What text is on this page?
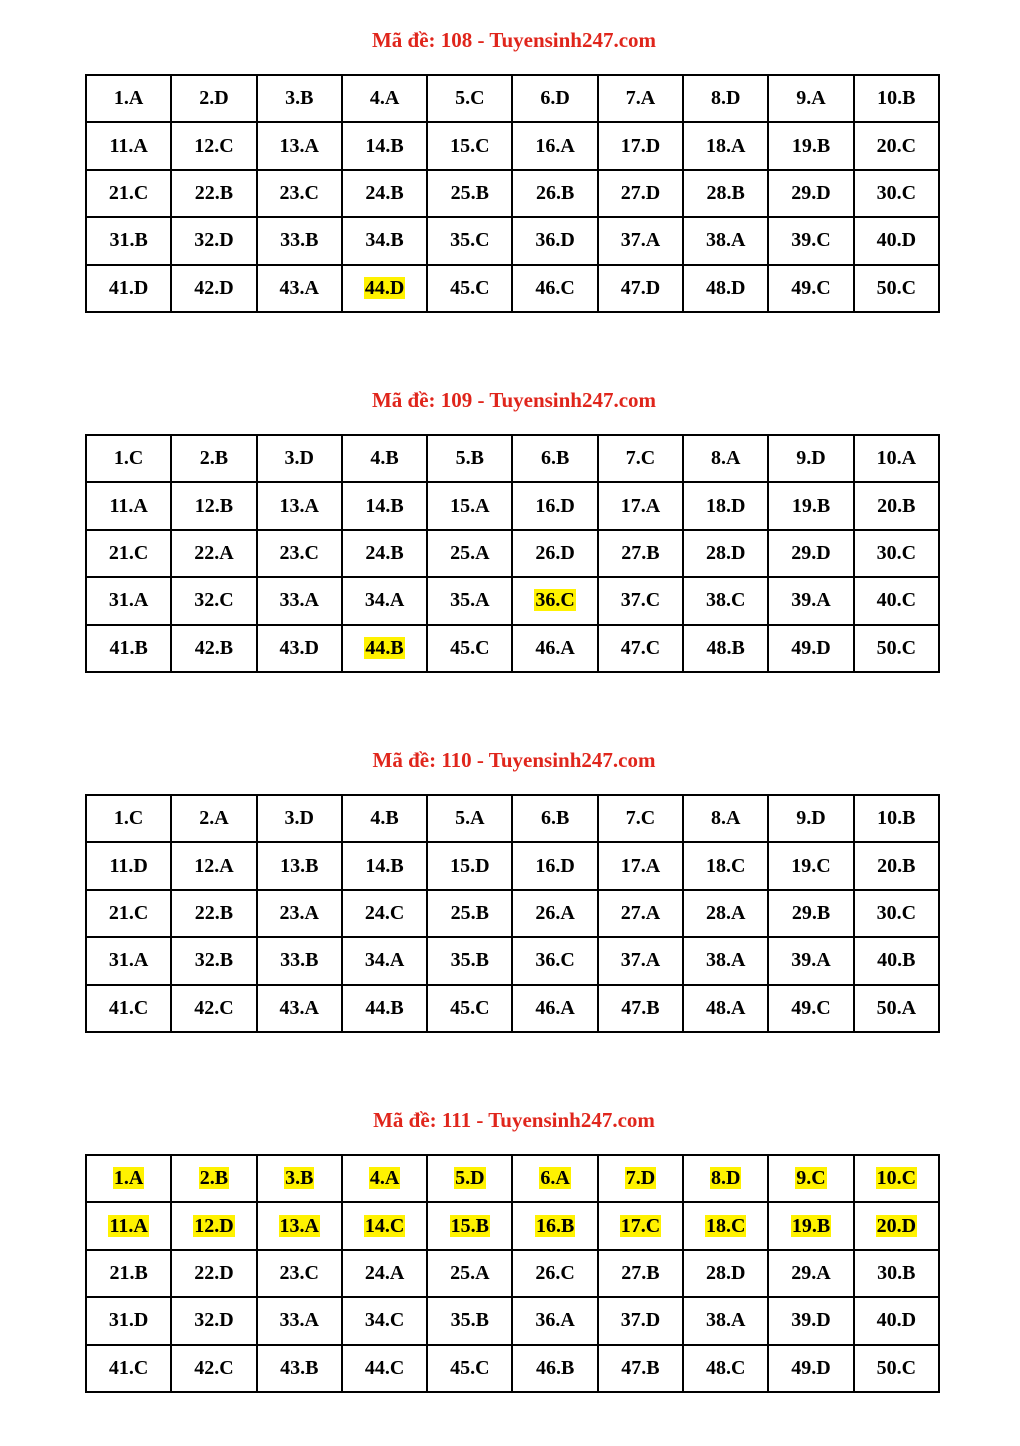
Mã đề: 108 - Tuyensinh247.com
1.A	2.D	3.B	4.A	5.C	6.D	7.A	8.D	9.A	10.B
11.A	12.C	13.A	14.B	15.C	16.A	17.D	18.A	19.B	20.C
21.C	22.B	23.C	24.B	25.B	26.B	27.D	28.B	29.D	30.C
31.B	32.D	33.B	34.B	35.C	36.D	37.A	38.A	39.C	40.D
41.D	42.D	43.A	44.D	45.C	46.C	47.D	48.D	49.C	50.C
Mã đề: 109 - Tuyensinh247.com
1.C	2.B	3.D	4.B	5.B	6.B	7.C	8.A	9.D	10.A
11.A	12.B	13.A	14.B	15.A	16.D	17.A	18.D	19.B	20.B
21.C	22.A	23.C	24.B	25.A	26.D	27.B	28.D	29.D	30.C
31.A	32.C	33.A	34.A	35.A	36.C	37.C	38.C	39.A	40.C
41.B	42.B	43.D	44.B	45.C	46.A	47.C	48.B	49.D	50.C
Mã đề: 110 - Tuyensinh247.com
1.C	2.A	3.D	4.B	5.A	6.B	7.C	8.A	9.D	10.B
11.D	12.A	13.B	14.B	15.D	16.D	17.A	18.C	19.C	20.B
21.C	22.B	23.A	24.C	25.B	26.A	27.A	28.A	29.B	30.C
31.A	32.B	33.B	34.A	35.B	36.C	37.A	38.A	39.A	40.B
41.C	42.C	43.A	44.B	45.C	46.A	47.B	48.A	49.C	50.A
Mã đề: 111 - Tuyensinh247.com
1.A	2.B	3.B	4.A	5.D	6.A	7.D	8.D	9.C	10.C
11.A	12.D	13.A	14.C	15.B	16.B	17.C	18.C	19.B	20.D
21.B	22.D	23.C	24.A	25.A	26.C	27.B	28.D	29.A	30.B
31.D	32.D	33.A	34.C	35.B	36.A	37.D	38.A	39.D	40.D
41.C	42.C	43.B	44.C	45.C	46.B	47.B	48.C	49.D	50.C
